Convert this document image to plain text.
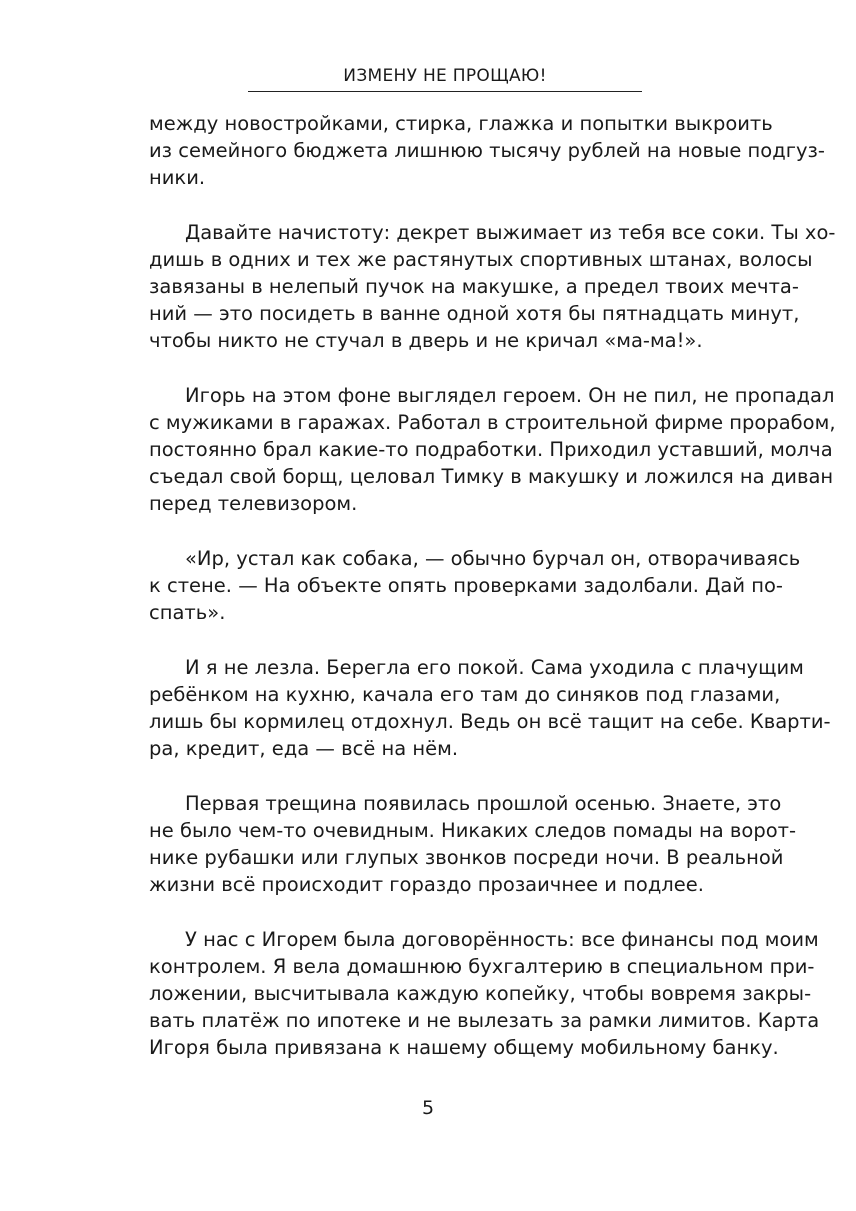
ИЗМЕНУ НЕ ПРОЩАЮ!
между новостройками, стирка, глажка и попытки выкроить
из семейного бюджета лишнюю тысячу рублей на новые подгуз-
ники.
Давайте начистоту: декрет выжимает из тебя все соки. Ты хо-
дишь в одних и тех же растянутых спортивных штанах, волосы
завязаны в нелепый пучок на макушке, а предел твоих мечта-
ний — это посидеть в ванне одной хотя бы пятнадцать минут,
чтобы никто не стучал в дверь и не кричал «ма-ма!».
Игорь на этом фоне выглядел героем. Он не пил, не пропадал
с мужиками в гаражах. Работал в строительной фирме прорабом,
постоянно брал какие-то подработки. Приходил уставший, молча
съедал свой борщ, целовал Тимку в макушку и ложился на диван
перед телевизором.
«Ир, устал как собака, — обычно бурчал он, отворачиваясь
к стене. — На объекте опять проверками задолбали. Дай по-
спать».
И я не лезла. Берегла его покой. Сама уходила с плачущим
ребёнком на кухню, качала его там до синяков под глазами,
лишь бы кормилец отдохнул. Ведь он всё тащит на себе. Кварти-
ра, кредит, еда — всё на нём.
Первая трещина появилась прошлой осенью. Знаете, это
не было чем-то очевидным. Никаких следов помады на ворот-
нике рубашки или глупых звонков посреди ночи. В реальной
жизни всё происходит гораздо прозаичнее и подлее.
У нас с Игорем была договорённость: все финансы под моим
контролем. Я вела домашнюю бухгалтерию в специальном при-
ложении, высчитывала каждую копейку, чтобы вовремя закры-
вать платёж по ипотеке и не вылезать за рамки лимитов. Карта
Игоря была привязана к нашему общему мобильному банку.
5
